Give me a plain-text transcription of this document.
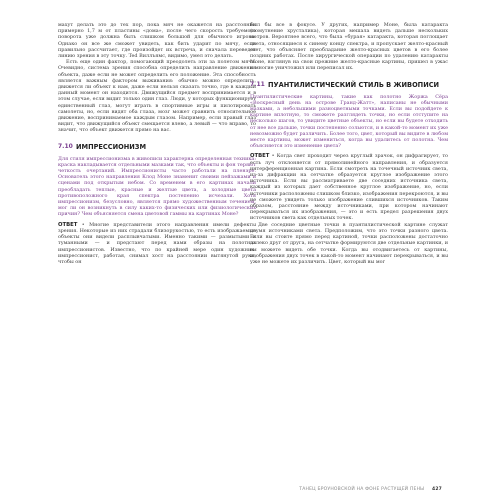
махут делать это до тех пор, пока мяч не окажется на расстоянии примерно 1,7 м от пластины «дома», после чего скорость требуемого поворота уже должна быть слишком большой для обычного игрока. Однако он все же сможет увидеть, как бить ударит по мячу, если правильно рассчитает, где произойдет их встреча, и сначала переведет линию зрения в эту точку. Ted Виллъямс, видимо, умел это делать.

Есть еще один фактор, помогающий преодолеть эти за полетом мяча. Очевидно, система зрения способна определить направление движения объекта, даже если не может определить его положение. Эта способность является важным фактором выживания: обычно можно определить, движется ли объект к нам, даже если нельзя сказать точно, где в каждый данный момент он находится. Движущийся предмет воспринимается и в этом случае, если видит только один глаз. Люди, у которых функционирует единственный глаз, могут играть в спортивные игры и пилотировать самолеты, но, если видят оба глаза, мозг может сравнить относительное движение, воспринимаемое каждым глазом. Например, если правый глаз видит, что движущийся объект смещается влево, а левый — что вправо, то значит, что объект движется прямо на вас.

7.10 ИМПРЕССИОНИЗМ

Для стиля импрессионизма в живописи характерна определенная техника: краска накладывается отдельными мазками так, что объекты и фон теряют четкость очертаний. Импрессионисты часто работали на пленэре. Основатель этого направления Клод Моне знаменит своими пейзажами и сценами под открытым небом. Со временем в его картинах начали преобладать теплые, красные и желтые цвета, а холодные цвета противоположного края спектра постепенно исчезали. Хотя импрессионизм, безусловно, является прямо художественным течением, мог ли он возникнуть в силу каких-то физических или физиологических причин? Чем объясняется смена цветовой гаммы на картинах Моне?

ОТВЕТ • Многие представители этого направления имели дефекты зрения. Некоторые из них страдали близорукостью, то есть изображаемые объекты они видели расплывчатыми. Именно такими — размытыми и туманными — и предстают перед нами образы на полотнах импрессионистов. Известно, что по крайней мере один художник-импрессионист, работая, снимал хост на расстоянии вытянутой руки, чтобы он

был бы все в фокусе. У других, например Моне, была катаракта (помутнение хрусталика), которая мешала видеть дальше нескольких метров. Вероятнее всего, что была «бурая» катаракта, которая поглощает цвета, относящиеся к синему концу спектра, и пропускает желто-красный свет, что объясняет преобладание желто-красных цветов в его более поздних работах. После хирургической операции по удалению катаракты Моне, взглянув на свои прежние желто-красные картины, пришел в ужас и многие уничтожил или переписал их.

7.11 ПУАНТИЛИСТИЧЕСКИЙ СТИЛЬ В ЖИВОПИСИ

Пуантилистические картины, такие как полотно Жоржа Сёра «Воскресный день на острове Гранд-Жатт», написаны не обычными мазками, а небольшими разноцветными точками. Если вы подойдете к картине вплотную, то сможете разглядеть точки, но если отступите на несколько шагов, то увидите цветные объекты, но если вы будете отходить от нее все дальше, точки постепенно сольются, и в какой-то момент их уже невозможно будет различить. Более того, цвет, который вы видите в любом месте картины, может измениться, когда вы удалитесь от полотна. Чем объясняется это изменение цвета?

ОТВЕТ • Когда свет проходит через круглый зрачок, он дифрагирует, то есть луч отклоняется от прямолинейного направления, и образуется интерференционная картина. Если смотреть на точечный источник света, из-за дифракции на сетчатке образуется круглое изображение этого источника. Если вы рассматриваете две соседних источника света, каждый из которых дает собственное круглое изображение, но, если источники расположены слишком близко, изображения перекроются, и вы не сможете увидеть только изображение слившихся источников. Таким образом, расстояние между источниками, при котором начинают перекрываться их изображения, — это и есть предел разрешения двух источников света как отдельных точек.

Две соседние цветные точки в пуантилистической картине служат двумя источниками света. Предположим, что это точки разного цвета. Если вы стоите прямо перед картиной, точки расположены достаточно далеко друг от друга, на сетчатке формируются две отдельные картинки, и вы можете видеть обе точки. Когда вы отодвигаетесь от картины, изображения двух точек в какой-то момент начинают перекрываться, и вы уже не можете их различить. Цвет, который вы мог

ТАНЕЦ БРОУНОВСКОЙ НА ФОНЕ РАСТУЩЕЙ ПЕНЫ 427
